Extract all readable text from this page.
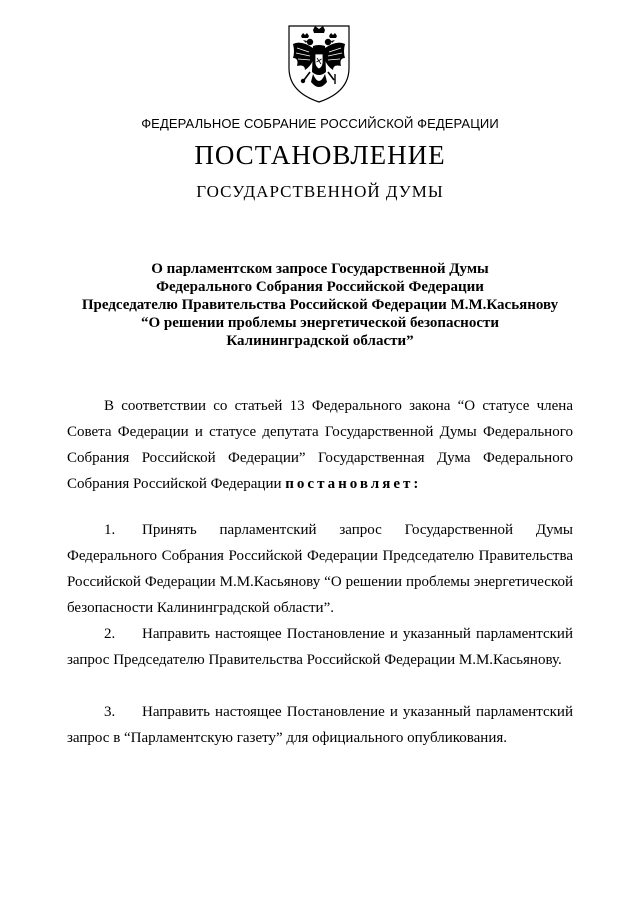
ФЕДЕРАЛЬНОЕ СОБРАНИЕ РОССИЙСКОЙ ФЕДЕРАЦИИ
ПОСТАНОВЛЕНИЕ
ГОСУДАРСТВЕННОЙ ДУМЫ
О парламентском запросе Государственной Думы
Федерального Собрания Российской Федерации
Председателю Правительства Российской Федерации М.М.Касьянову
“О решении проблемы энергетической безопасности
Калининградской области”
В соответствии со статьей 13 Федерального закона “О статусе члена Совета Федерации и статусе депутата Государственной Думы Федерального Собрания Российской Федерации” Государственная Дума Федерального Собрания Российской Федерации постановляет:
1. Принять парламентский запрос Государственной Думы Федерального Собрания Российской Федерации Председателю Правительства Российской Федерации М.М.Касьянову “О решении проблемы энергетической безопасности Калининградской области”.
2. Направить настоящее Постановление и указанный парламентский запрос Председателю Правительства Российской Федерации М.М.Касьянову.
3. Направить настоящее Постановление и указанный парламентский запрос в “Парламентскую газету” для официального опубликования.
